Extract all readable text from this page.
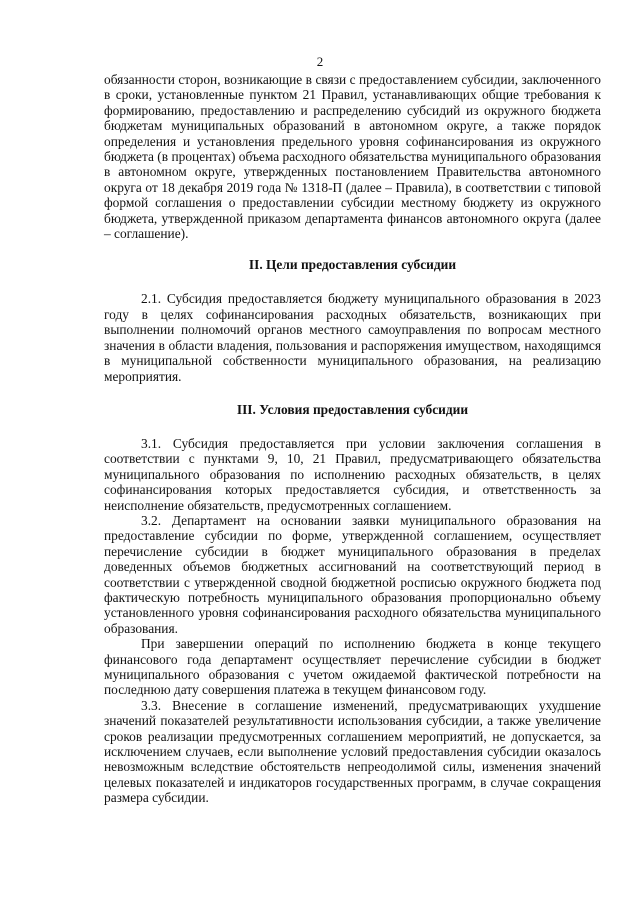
2

обязанности сторон, возникающие в связи с предоставлением субсидии, заключенного в сроки, установленные пунктом 21 Правил, устанавливающих общие требования к формированию, предоставлению и распределению субсидий из окружного бюджета бюджетам муниципальных образований в автономном округе, а также порядок определения и установления предельного уровня софинансирования из окружного бюджета (в процентах) объема расходного обязательства муниципального образования в автономном округе, утвержденных постановлением Правительства автономного округа от 18 декабря 2019 года № 1318-П (далее – Правила), в соответствии с типовой формой соглашения о предоставлении субсидии местному бюджету из окружного бюджета, утвержденной приказом департамента финансов автономного округа (далее – соглашение).

II. Цели предоставления субсидии

2.1. Субсидия предоставляется бюджету муниципального образования в 2023 году в целях софинансирования расходных обязательств, возникающих при выполнении полномочий органов местного самоуправления по вопросам местного значения в области владения, пользования и распоряжения имуществом, находящимся в муниципальной собственности муниципального образования, на реализацию мероприятия.

III. Условия предоставления субсидии

3.1. Субсидия предоставляется при условии заключения соглашения в соответствии с пунктами 9, 10, 21 Правил, предусматривающего обязательства муниципального образования по исполнению расходных обязательств, в целях софинансирования которых предоставляется субсидия, и ответственность за неисполнение обязательств, предусмотренных соглашением.

3.2. Департамент на основании заявки муниципального образования на предоставление субсидии по форме, утвержденной соглашением, осуществляет перечисление субсидии в бюджет муниципального образования в пределах доведенных объемов бюджетных ассигнований на соответствующий период в соответствии с утвержденной сводной бюджетной росписью окружного бюджета под фактическую потребность муниципального образования пропорционально объему установленного уровня софинансирования расходного обязательства муниципального образования.

При завершении операций по исполнению бюджета в конце текущего финансового года департамент осуществляет перечисление субсидии в бюджет муниципального образования с учетом ожидаемой фактической потребности на последнюю дату совершения платежа в текущем финансовом году.

3.3. Внесение в соглашение изменений, предусматривающих ухудшение значений показателей результативности использования субсидии, а также увеличение сроков реализации предусмотренных соглашением мероприятий, не допускается, за исключением случаев, если выполнение условий предоставления субсидии оказалось невозможным вследствие обстоятельств непреодолимой силы, изменения значений целевых показателей и индикаторов государственных программ, в случае сокращения размера субсидии.
